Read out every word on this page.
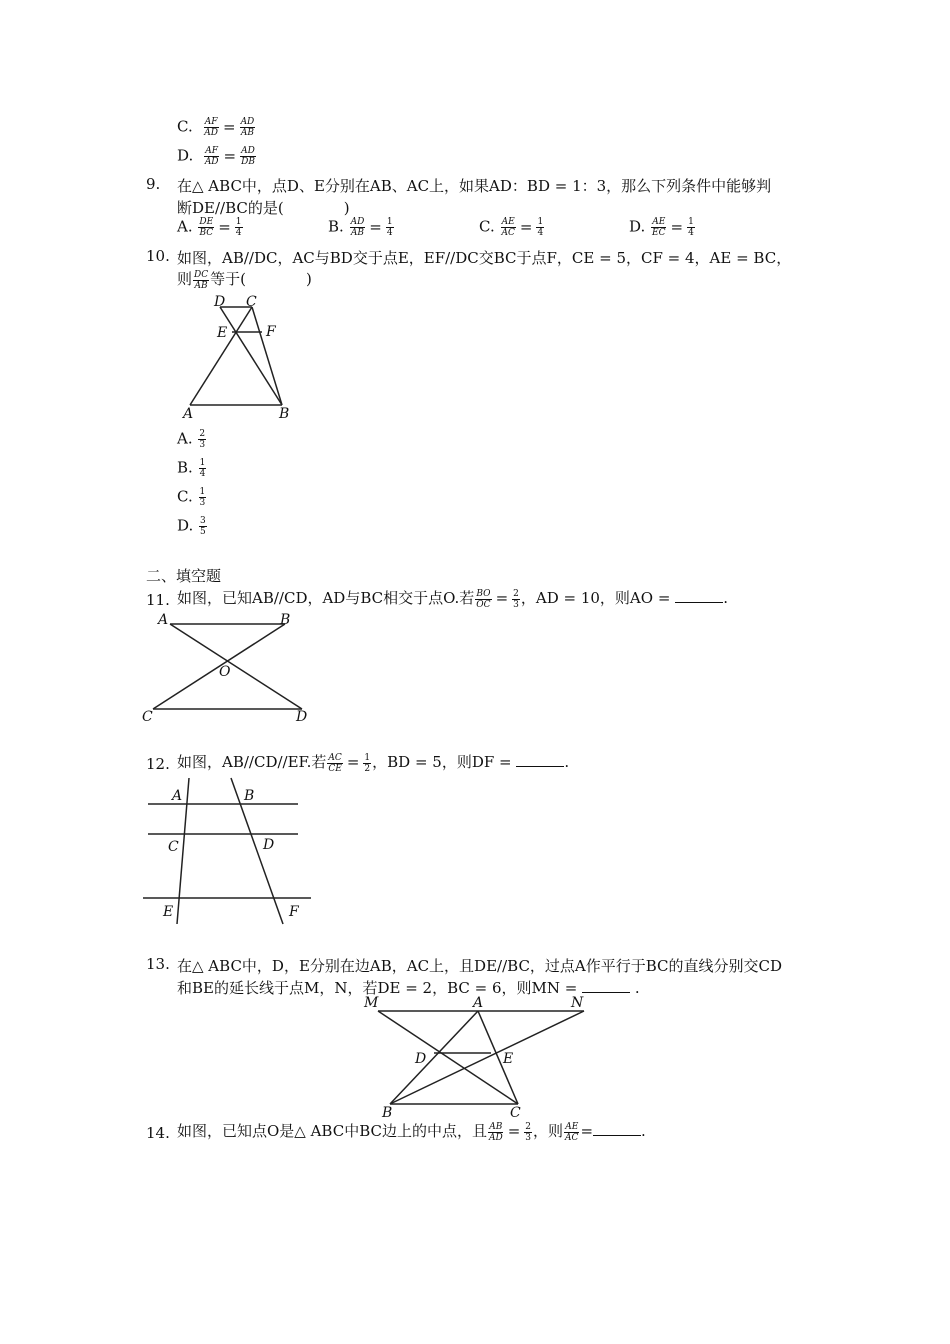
C. $\frac{AF}{AD} = \frac{AD}{AB}$
D. $\frac{AF}{AD} = \frac{AD}{DB}$
9. 在△ ABC中，点D、E分别在AB、AC上，如果AD：BD = 1：3，那么下列条件中能够判
断DE//BC的是(　　　　)
A. $\frac{DE}{BC} = \frac{1}{4}$	B. $\frac{AD}{AB} = \frac{1}{4}$	C. $\frac{AE}{AC} = \frac{1}{4}$	D. $\frac{AE}{EC} = \frac{1}{4}$
10. 如图，AB//DC，AC与BD交于点E，EF//DC交BC于点F，CE = 5，CF = 4，AE = BC，
则 $\frac{DC}{AB}$ 等于(　　　　)
D C
E	F
A	B
A. $\frac{2}{3}$
B. $\frac{1}{4}$
C. $\frac{1}{3}$
D. $\frac{3}{5}$
二、填空题
11. 如图，已知AB//CD，AD与BC相交于点O.若 $\frac{BO}{OC} = \frac{2}{3}$ ，AD = 10，则AO =	.
A	B
O
C	D
12. 如图，AB//CD//EF.若 $\frac{AC}{CE} = \frac{1}{2}$ ，BD = 5，则DF =	.
A	B
C	D
E	F
13. 在△ ABC中，D，E分别在边AB，AC上，且DE//BC，过点A作平行于BC的直线分别交CD
和BE的延长线于点M，N，若DE = 2，BC = 6，则MN =	.
M	A	N
D	E
B	C
14. 如图，已知点O是△ ABC中BC边上的中点，且 $\frac{AB}{AD} = \frac{2}{3}$ ，则 $\frac{AE}{AC}$ =	.
